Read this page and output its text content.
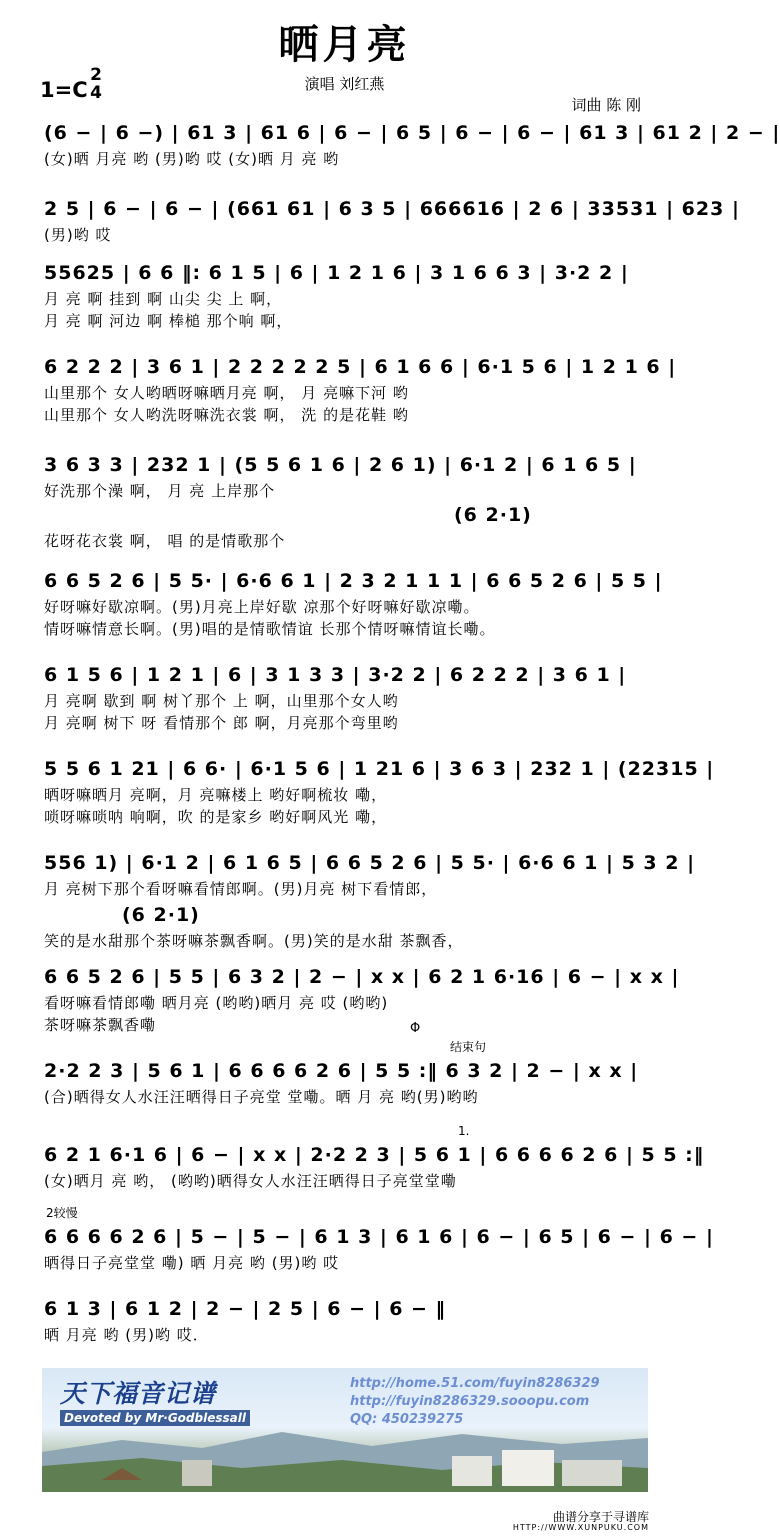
晒月亮
演唱 刘红燕
1=C
2
4
词曲 陈 刚
(6 − | 6 −) | 61 3 | 61 6 | 6 − | 6 5 | 6 − | 6 − | 61 3 | 61 2 | 2 − |
(女)晒 月亮 哟 (男)哟 哎 (女)晒 月 亮 哟
2 5 | 6 − | 6 − | (661 61 | 6 3 5 | 666616 | 2 6 | 33531 | 623 |
(男)哟 哎
55625 | 6 6 ‖: 6 1 5 | 6 | 1 2 1 6 | 3 1 6 6 3 | 3·2 2 |
月 亮 啊 挂到 啊 山尖 尖 上 啊，
月 亮 啊 河边 啊 棒槌 那个响 啊，
6 2 2 2 | 3 6 1 | 2 2 2 2 2 5 | 6 1 6 6 | 6·1 5 6 | 1 2 1 6 |
山里那个 女人哟晒呀嘛晒月亮 啊， 月 亮嘛下河 哟
山里那个 女人哟洗呀嘛洗衣裳 啊， 洗 的是花鞋 哟
3 6 3 3 | 232 1 | (5 5 6 1 6 | 2 6 1) | 6·1 2 | 6 1 6 5 |
好洗那个澡 啊， 月 亮 上岸那个
(6 2·1)
花呀花衣裳 啊， 唱 的是情歌那个
6 6 5 2 6 | 5 5· | 6·6 6 1 | 2 3 2 1 1 1 | 6 6 5 2 6 | 5 5 |
好呀嘛好歇凉啊。(男)月亮上岸好歇 凉那个好呀嘛好歇凉嘞。
情呀嘛情意长啊。(男)唱的是情歌情谊 长那个情呀嘛情谊长嘞。
6 1 5 6 | 1 2 1 | 6 | 3 1 3 3 | 3·2 2 | 6 2 2 2 | 3 6 1 |
月 亮啊 歇到 啊 树丫那个 上 啊，山里那个女人哟
月 亮啊 树下 呀 看情那个 郎 啊，月亮那个弯里哟
5 5 6 1 21 | 6 6· | 6·1 5 6 | 1 21 6 | 3 6 3 | 232 1 | (22315 |
晒呀嘛晒月 亮啊，月 亮嘛楼上 哟好啊梳妆 嘞，
唢呀嘛唢呐 响啊，吹 的是家乡 哟好啊风光 嘞，
556 1) | 6·1 2 | 6 1 6 5 | 6 6 5 2 6 | 5 5· | 6·6 6 1 | 5 3 2 |
月 亮树下那个看呀嘛看情郎啊。(男)月亮 树下看情郎，
(6 2·1)
笑的是水甜那个茶呀嘛茶飘香啊。(男)笑的是水甜 茶飘香，
6 6 5 2 6 | 5 5 | 6 3 2 | 2 − | x x | 6 2 1 6·16 | 6 − | x x |
看呀嘛看情郎嘞 晒月亮 (哟哟)晒月 亮 哎 (哟哟)
茶呀嘛茶飘香嘞	Φ
结束句
2·2 2 3 | 5 6 1 | 6 6 6 6 2 6 | 5 5 :‖ 6 3 2 | 2 − | x x |
(合)晒得女人水汪汪晒得日子亮堂 堂嘞。晒 月 亮 哟(男)哟哟
1.
6 2 1 6·1 6 | 6 − | x x | 2·2 2 3 | 5 6 1 | 6 6 6 6 2 6 | 5 5 :‖
(女)晒月 亮 哟， (哟哟)晒得女人水汪汪晒得日子亮堂堂嘞
2较慢
6 6 6 6 2 6 | 5 − | 5 − | 6 1 3 | 6 1 6 | 6 − | 6 5 | 6 − | 6 − |
晒得日子亮堂堂 嘞) 晒 月亮 哟 (男)哟 哎
6 1 3 | 6 1 2 | 2 − | 2 5 | 6 − | 6 − ‖
晒 月亮 哟 (男)哟 哎．
天下福音记谱
Devoted by Mr·Godblessall
http://home.51.com/fuyin8286329
http://fuyin8286329.sooopu.com
QQ: 450239275
曲谱分享于寻谱库
HTTP://WWW.XUNPUKU.COM
